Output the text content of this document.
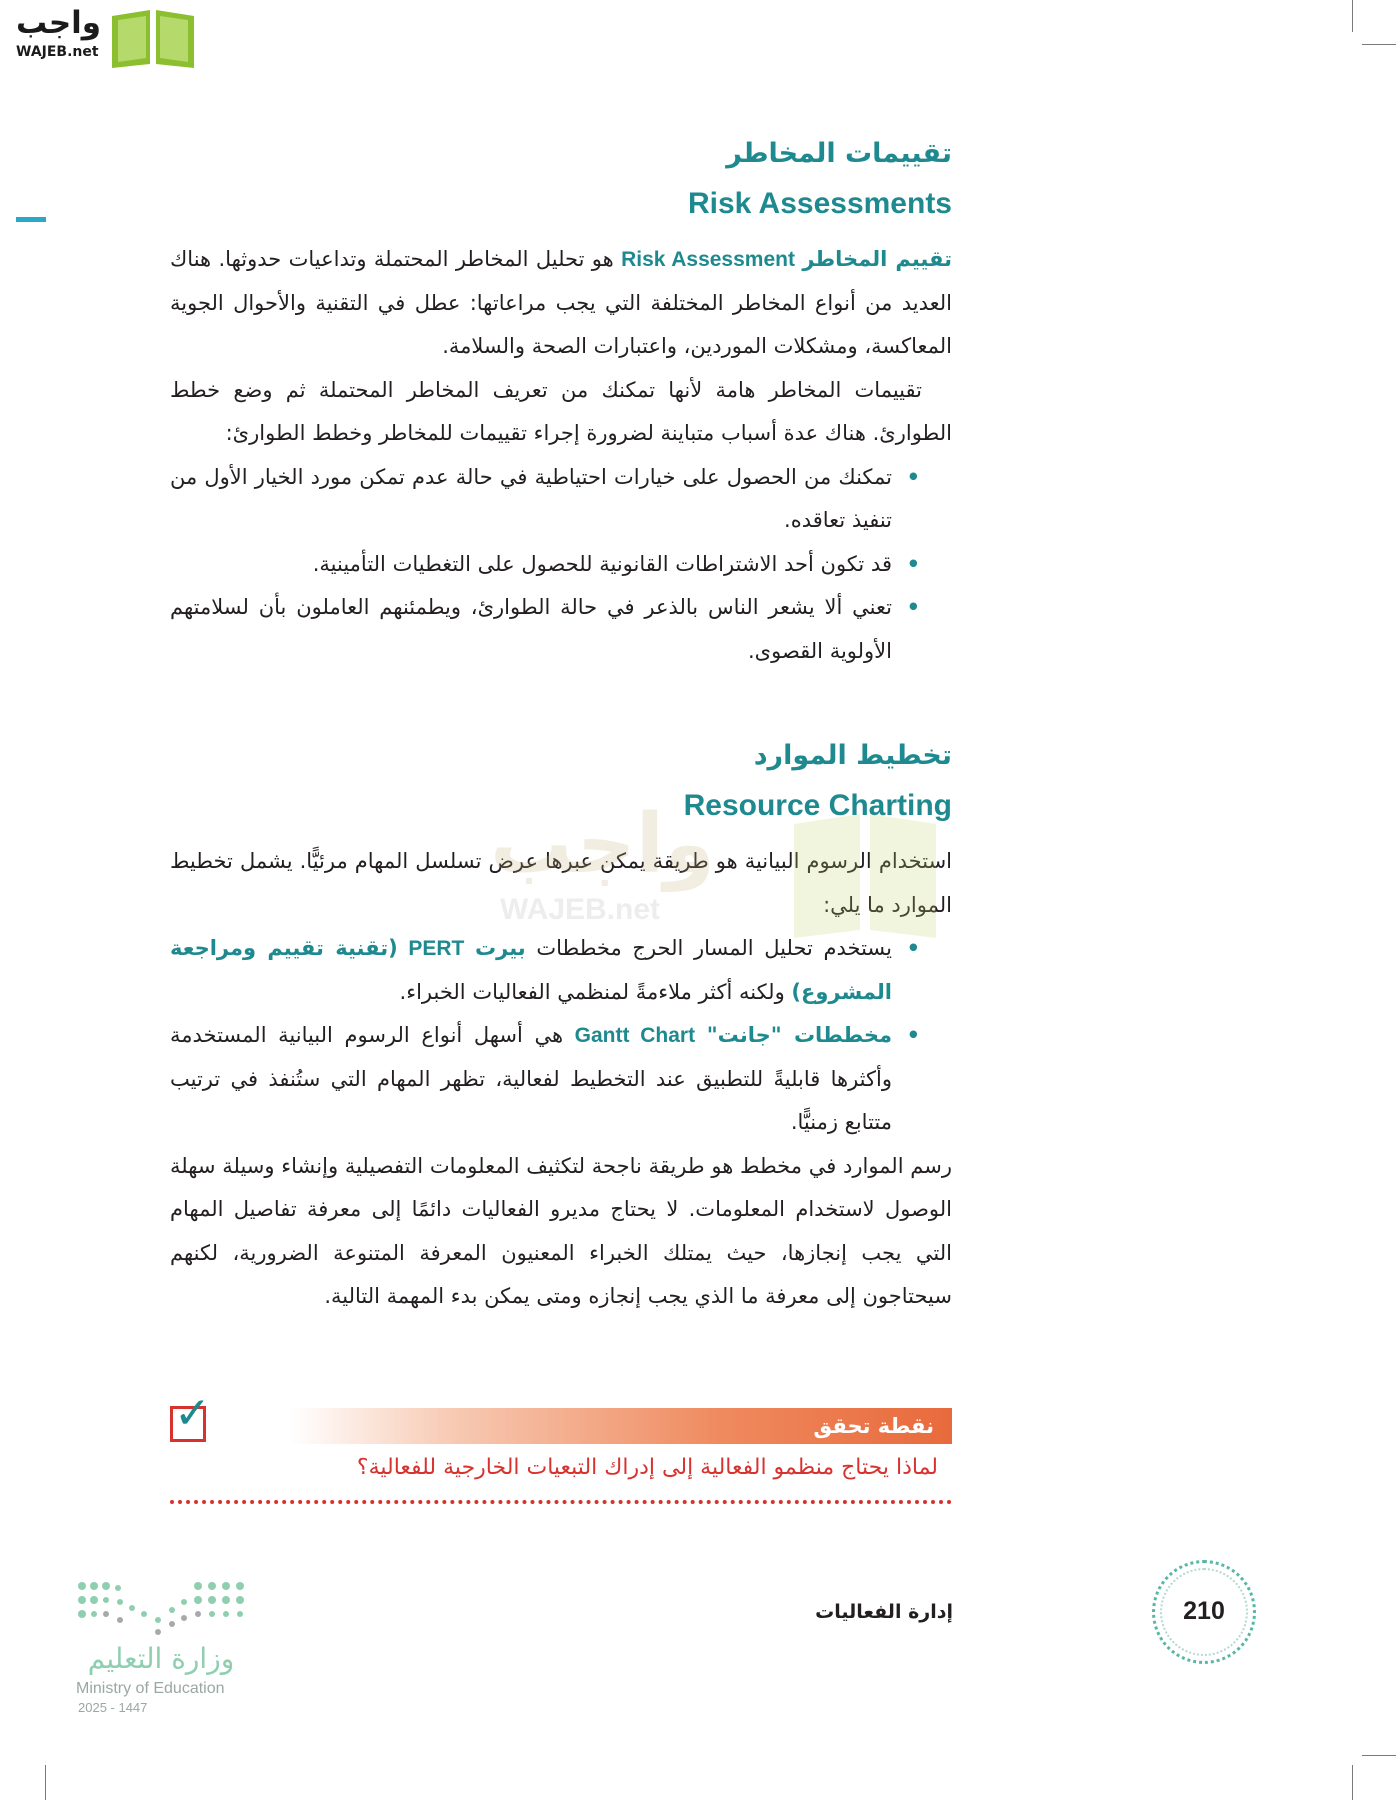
واجب
WAJEB.net
تقييمات المخاطر
Risk Assessments
تقييم المخاطر Risk Assessment هو تحليل المخاطر المحتملة وتداعيات حدوثها. هناك العديد من أنواع المخاطر المختلفة التي يجب مراعاتها: عطل في التقنية والأحوال الجوية المعاكسة، ومشكلات الموردين، واعتبارات الصحة والسلامة.
تقييمات المخاطر هامة لأنها تمكنك من تعريف المخاطر المحتملة ثم وضع خطط الطوارئ. هناك عدة أسباب متباينة لضرورة إجراء تقييمات للمخاطر وخطط الطوارئ:
•
تمكنك من الحصول على خيارات احتياطية في حالة عدم تمكن مورد الخيار الأول من تنفيذ تعاقده.
•
قد تكون أحد الاشتراطات القانونية للحصول على التغطيات التأمينية.
•
تعني ألا يشعر الناس بالذعر في حالة الطوارئ، ويطمئنهم العاملون بأن لسلامتهم الأولوية القصوى.
تخطيط الموارد
Resource Charting
استخدام الرسوم البيانية هو طريقة يمكن عبرها عرض تسلسل المهام مرئيًّا. يشمل تخطيط الموارد ما يلي:
•
يستخدم تحليل المسار الحرج مخططات بيرت PERT (تقنية تقييم ومراجعة المشروع) ولكنه أكثر ملاءمةً لمنظمي الفعاليات الخبراء.
•
مخططات "جانت" Gantt Chart هي أسهل أنواع الرسوم البيانية المستخدمة وأكثرها قابليةً للتطبيق عند التخطيط لفعالية، تظهر المهام التي ستُنفذ في ترتيب متتابع زمنيًّا.
رسم الموارد في مخطط هو طريقة ناجحة لتكثيف المعلومات التفصيلية وإنشاء وسيلة سهلة الوصول لاستخدام المعلومات. لا يحتاج مديرو الفعاليات دائمًا إلى معرفة تفاصيل المهام التي يجب إنجازها، حيث يمتلك الخبراء المعنيون المعرفة المتنوعة الضرورية، لكنهم سيحتاجون إلى معرفة ما الذي يجب إنجازه ومتى يمكن بدء المهمة التالية.
واجب
WAJEB.net
✓	نقطة تحقق
لماذا يحتاج منظمو الفعالية إلى إدراك التبعيات الخارجية للفعالية؟
وزارة التعليم
Ministry of Education
2025 - 1447
إدارة الفعاليات	210
